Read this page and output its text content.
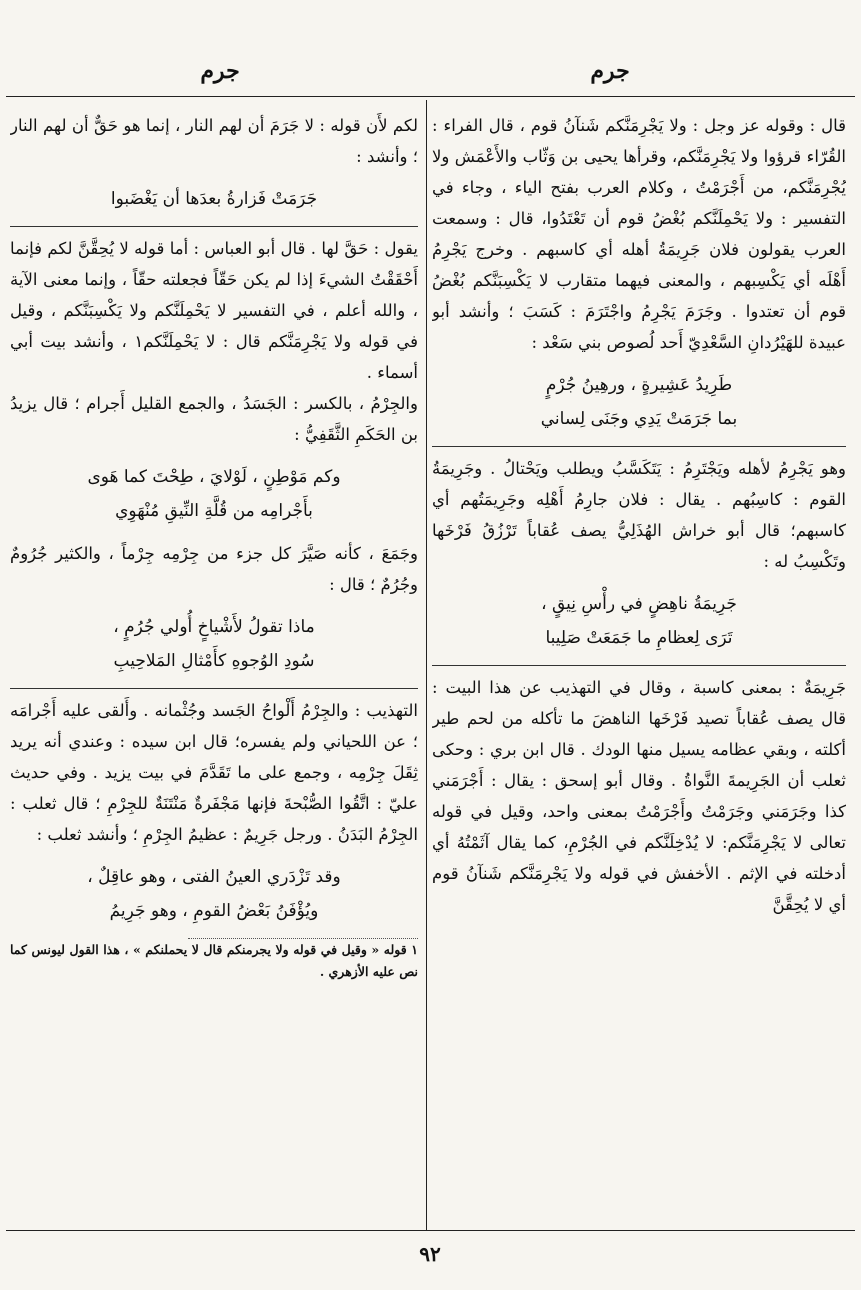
جرم
جرم

قال : وقوله عز وجل : ولا يَجْرِمَنَّكم شَنآنُ قوم ، قال الفراء : القُرّاء قرؤوا ولا يَجْرِمَنَّكم، وقرأها يحيى بن وَثّاب والأَعْمَش ولا يُجْرِمَنَّكم، من أَجْرَمْتُ ، وكلام العرب بفتح الياء ، وجاء في التفسير : ولا يَحْمِلَنَّكم بُغْضُ قوم أن تَعْتَدُوا، قال : وسمعت العرب يقولون فلان جَرِيمَةُ أهله أي كاسبهم . وخرج يَجْرِمُ أَهْلَه أي يَكْسِبهم ، والمعنى فيهما متقارب لا يَكْسِبَنَّكم بُغْضُ قوم أن تعتدوا . وجَرَمَ يَجْرِمُ واجْتَرَمَ : كَسَبَ ؛ وأنشد أبو عبيدة للهَيْرُدانِ السَّعْدِيّ أَحد لُصوص بني سَعْد :

طَرِيدُ عَشِيرةٍ ، ورهِينُ جُرْمٍ
بما جَرَمَتْ يَدِي وجَنَى لِساني

وهو يَجْرِمُ لأهله ويَجْتَرِمُ : يَتَكَسَّبُ ويطلب ويَحْتالُ . وجَرِيمَةُ القوم : كاسِبُهم . يقال : فلان جارِمُ أَهْلِه وجَرِيمَتُهم أي كاسبهم؛ قال أبو خراش الهُذَلِيُّ يصف عُقاباً تَرْزُقُ فَرْخَها وتَكْسِبُ له :

جَرِيمَةُ ناهِضٍ في رأْسِ نِيقٍ ،
تَرَى لِعظامِ ما جَمَعَتْ صَلِيبا

جَرِيمَةٌ : بمعنى كاسبة ، وقال في التهذيب عن هذا البيت : قال يصف عُقاباً تصيد فَرْخَها الناهضَ ما تأكله من لحم طير أكلته ، وبقي عظامه يسيل منها الودك . قال ابن بري : وحكى ثعلب أن الجَرِيمةَ النَّواةُ . وقال أبو إسحق : يقال : أَجْرَمَني كذا وجَرَمَني وجَرَمْتُ وأَجْرَمْتُ بمعنى واحد، وقيل في قوله تعالى لا يَجْرِمَنَّكم: لا يُدْخِلَنَّكم في الجُرْمِ، كما يقال آثَمْتُهُ أي أدخلته في الإثم . الأخفش في قوله ولا يَجْرِمَنَّكم شَنآنُ قوم أي لا يُحِقَّنَّ

لكم لأَن قوله : لا جَرَمَ أن لهم النار ، إنما هو حَقٌّ أن لهم النار ؛ وأنشد :

جَرَمَتْ فَزارةُ بعدَها أن يَغْضَبوا

يقول : حَقَّ لها . قال أبو العباس : أما قوله لا يُحِقَّنَّ لكم فإنما أَحْقَقْتُ الشيءَ إذا لم يكن حَقّاً فجعلته حقّاً ، وإنما معنى الآية ، والله أعلم ، في التفسير لا يَحْمِلَنَّكم ولا يَكْسِبَنَّكم ، وقيل في قوله ولا يَجْرِمَنَّكم قال : لا يَحْمِلَنَّكم١ ، وأنشد بيت أبي أسماء .

والجِرْمُ ، بالكسر : الجَسَدُ ، والجمع القليل أَجرام ؛ قال يزيدُ بن الحَكَمِ الثَّقَفِيُّ :

وكم مَوْطِنٍ ، لَوْلايَ ، طِحْتَ كما هَوى
بأَجْرامِه من قُلَّةِ النِّيقِ مُنْهَوِي

وجَمَعَ ، كأنه صَيَّرَ كل جزء من جِرْمِه جِرْماً ، والكثير جُرُومٌ وجُرُمٌ ؛ قال :

ماذا تقولُ لأَشْياخٍ أُولي جُرُمٍ ،
سُودِ الوُجوهِ كأَمْثالِ المَلاحِيبِ

التهذيب : والجِرْمُ أَلْواحُ الجَسد وجُثْمانه . وأَلقى عليه أَجْرامَه ؛ عن اللحياني ولم يفسره؛ قال ابن سيده : وعندي أنه يريد ثِقَلَ جِرْمِه ، وجمع على ما تَقَدَّمَ في بيت يزيد . وفي حديث عليّ : اتَّقُوا الصُّبْحةَ فإنها مَجْفَرةٌ مَنْتَنَةٌ للجِرْمِ ؛ قال ثعلب : الجِرْمُ البَدَنُ . ورجل جَرِيمٌ : عظيمُ الجِرْمِ ؛ وأنشد ثعلب :

وقد تَزْدَري العينُ الفتى ، وهو عاقِلٌ ،
ويُؤْفَنُ بَعْضُ القومِ ، وهو جَرِيمُ

١ قوله « وقيل في قوله ولا يجرمنكم قال لا يحملنكم » ، هذا القول ليونس كما نص عليه الأزهري .

٩٢
